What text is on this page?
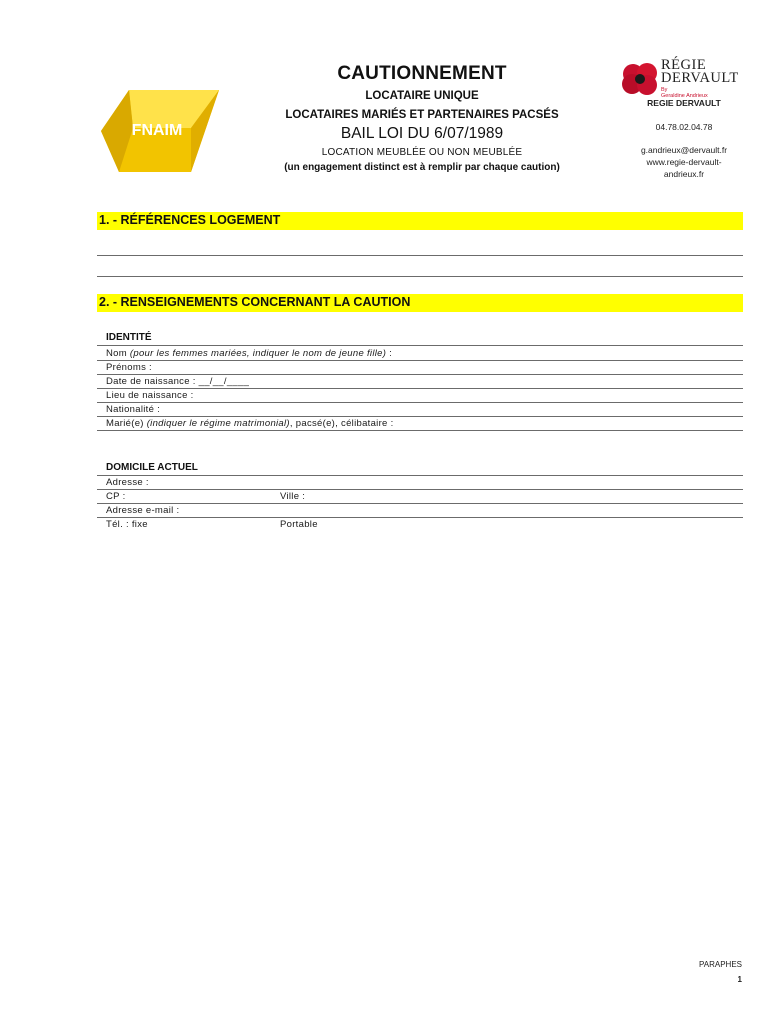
FNAIM
CAUTIONNEMENT
LOCATAIRE UNIQUE
LOCATAIRES MARIÉS ET PARTENAIRES PACSÉS
BAIL LOI DU 6/07/1989
LOCATION MEUBLÉE OU NON MEUBLÉE
(un engagement distinct est à remplir par chaque caution)
RÉGIE
DERVAULT
By
Geraldine Andrieux
REGIE DERVAULT
04.78.02.04.78
g.andrieux@dervault.fr
www.regie-dervault-
andrieux.fr
1. - RÉFÉRENCES LOGEMENT
2. - RENSEIGNEMENTS CONCERNANT LA CAUTION
IDENTITÉ
Nom (pour les femmes mariées, indiquer le nom de jeune fille) :
Prénoms :
Date de naissance : __/__/____
Lieu de naissance :
Nationalité :
Marié(e) (indiquer le régime matrimonial), pacsé(e), célibataire :
DOMICILE ACTUEL
Adresse :
CP :	Ville :
Adresse e-mail :
Tél. : fixe	Portable
PARAPHES
1
